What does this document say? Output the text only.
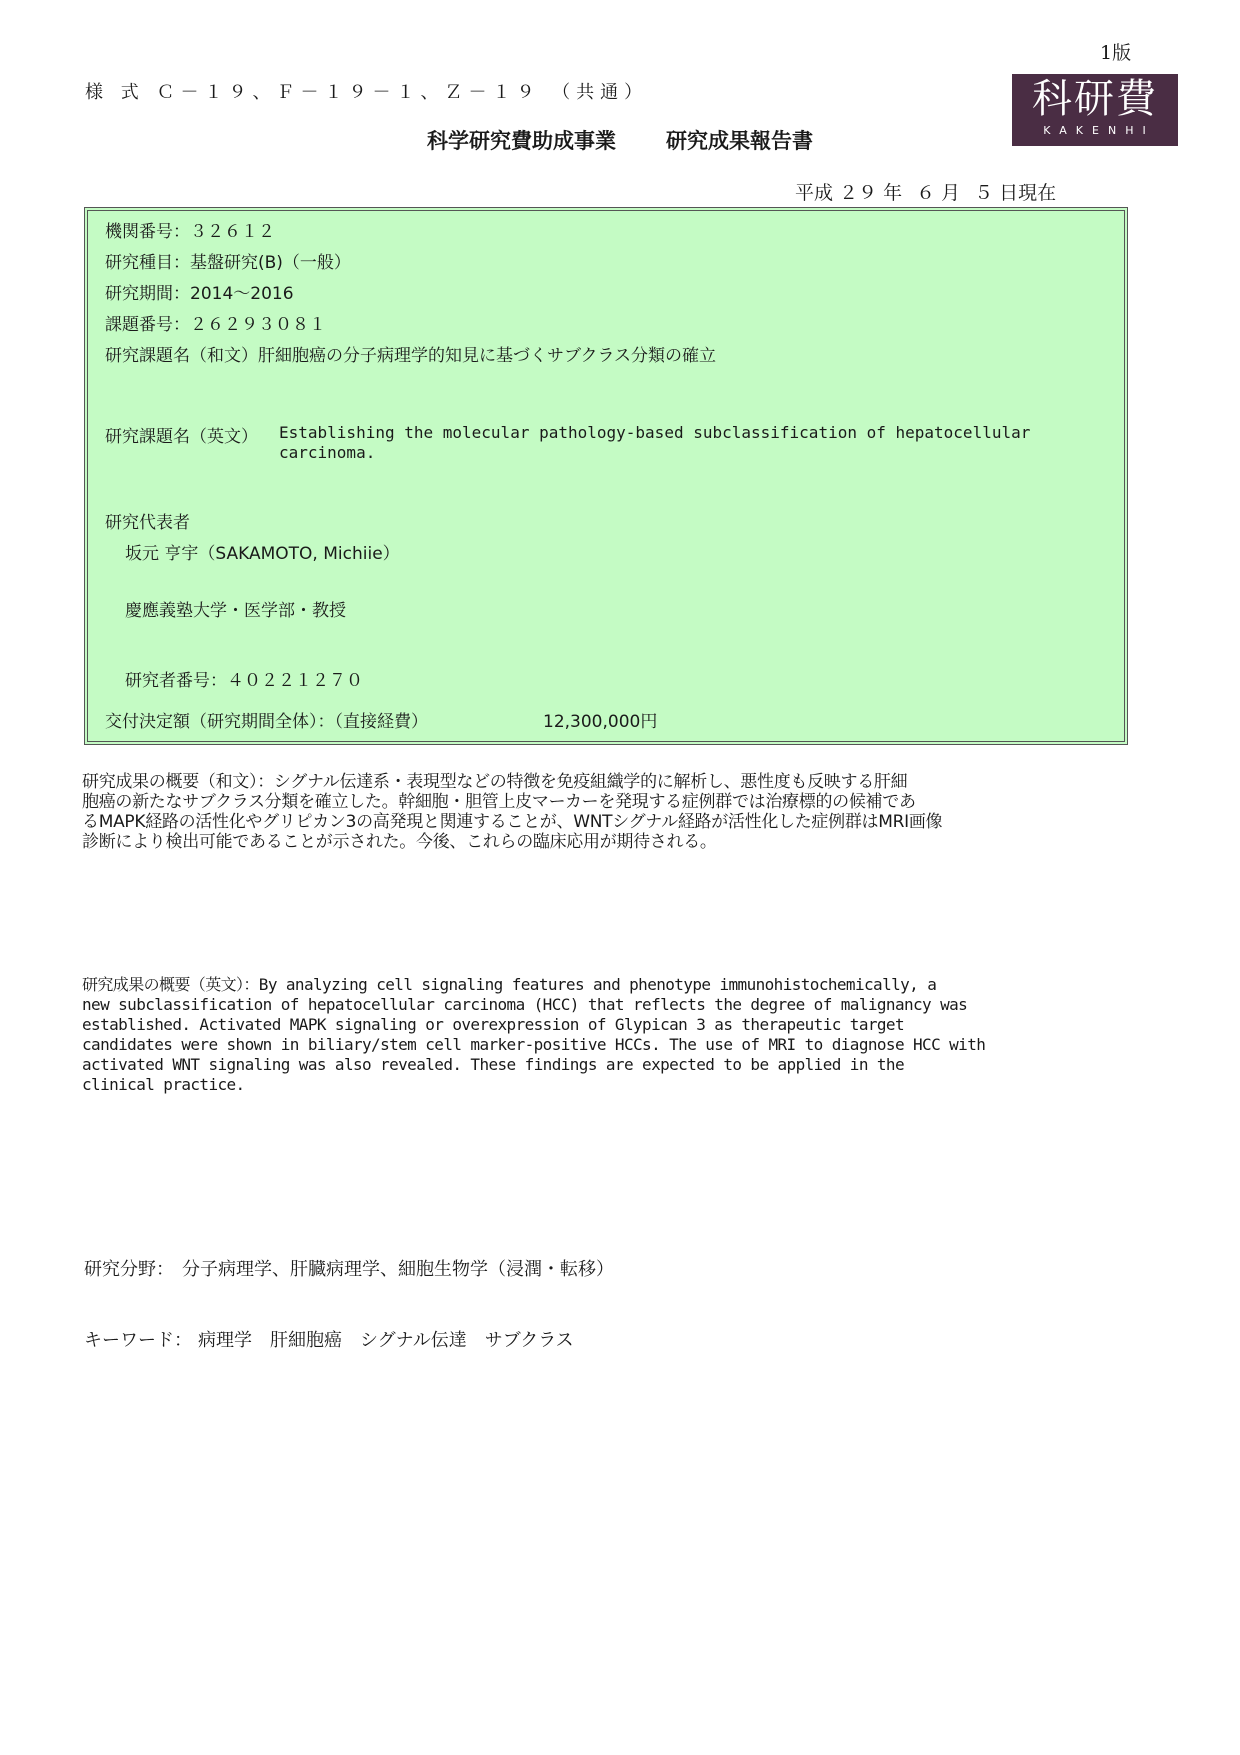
1版
様 式 Ｃ－１９、Ｆ－１９－１、Ｚ－１９ （共通）	科研費
KAKENHI
科学研究費助成事業 研究成果報告書
平成 ２９ 年 ６ 月 ５ 日現在
機関番号：３２６１２
研究種目：基盤研究(B)（一般）
研究期間：2014～2016
課題番号：２６２９３０８１
研究課題名（和文）肝細胞癌の分子病理学的知見に基づくサブクラス分類の確立
研究課題名（英文） Establishing the molecular pathology-based subclassification of hepatocellular
carcinoma.
研究代表者
坂元 亨宇（SAKAMOTO, Michiie）
慶應義塾大学・医学部・教授
研究者番号：４０２２１２７０
交付決定額（研究期間全体）：（直接経費）	12,300,000円
研究成果の概要（和文）：シグナル伝達系・表現型などの特徴を免疫組織学的に解析し、悪性度も反映する肝細
胞癌の新たなサブクラス分類を確立した。幹細胞・胆管上皮マーカーを発現する症例群では治療標的の候補であ
るMAPK経路の活性化やグリピカン3の高発現と関連することが、WNTシグナル経路が活性化した症例群はMRI画像
診断により検出可能であることが示された。今後、これらの臨床応用が期待される。
研究成果の概要（英文）：By analyzing cell signaling features and phenotype immunohistochemically, a
new subclassification of hepatocellular carcinoma (HCC) that reflects the degree of malignancy was
established. Activated MAPK signaling or overexpression of Glypican 3 as therapeutic target
candidates were shown in biliary/stem cell marker-positive HCCs. The use of MRI to diagnose HCC with
activated WNT signaling was also revealed. These findings are expected to be applied in the
clinical practice.
研究分野： 分子病理学、肝臓病理学、細胞生物学（浸潤・転移）
キーワード： 病理学 肝細胞癌 シグナル伝達 サブクラス
